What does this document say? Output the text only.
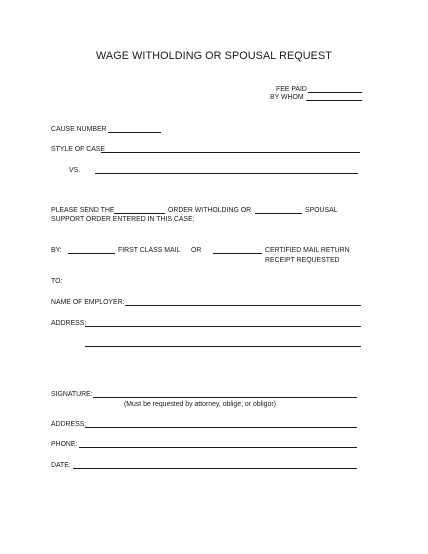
WAGE WITHOLDING OR SPOUSAL REQUEST
FEE PAID
BY WHOM
CAUSE NUMBER
STYLE OF CASE
VS.
PLEASE SEND THE	ORDER WITHOLDING OR	SPOUSAL
SUPPORT ORDER ENTERED IN THIS CASE:
BY:	FIRST CLASS MAIL OR	CERTIFIED MAIL RETURN
RECEIPT REQUESTED
TO:
NAME OF EMPLOYER:
ADDRESS:
SIGNATURE:
(Must be requested by attorney, oblige, or obligor)
ADDRESS:
PHONE:
DATE:
